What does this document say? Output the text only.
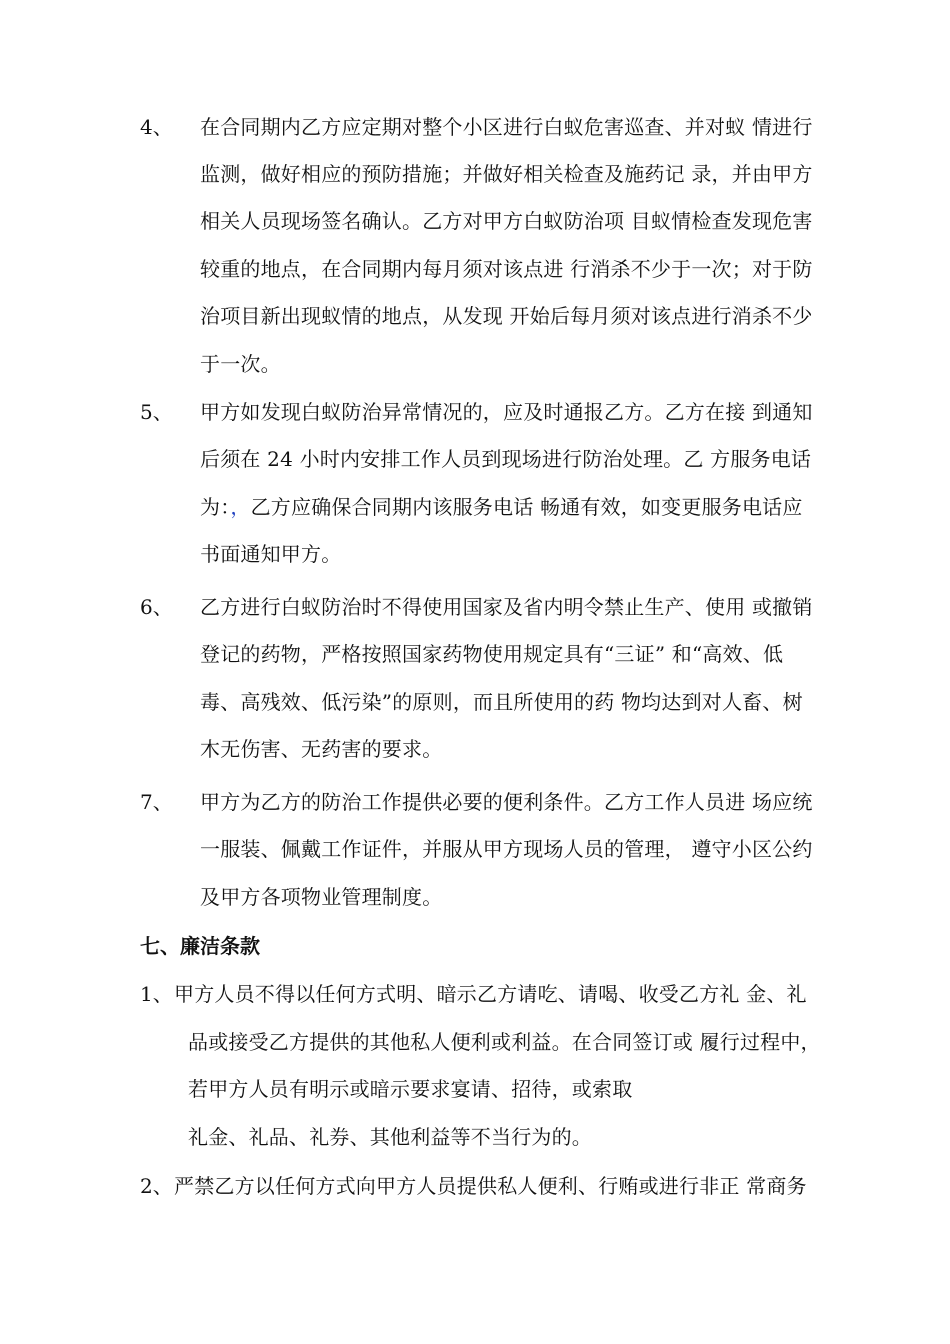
4、 在合同期内乙方应定期对整个小区进行白蚁危害巡查、并对蚁 情进行
监测，做好相应的预防措施；并做好相关检查及施药记 录，并由甲方
相关人员现场签名确认。乙方对甲方白蚁防治项 目蚁情检查发现危害
较重的地点，在合同期内每月须对该点进 行消杀不少于一次；对于防
治项目新出现蚁情的地点，从发现 开始后每月须对该点进行消杀不少
于一次。
5、 甲方如发现白蚁防治异常情况的，应及时通报乙方。乙方在接 到通知
后须在 24 小时内安排工作人员到现场进行防治处理。乙 方服务电话
为：，乙方应确保合同期内该服务电话 畅通有效，如变更服务电话应
书面通知甲方。
6、 乙方进行白蚁防治时不得使用国家及省内明令禁止生产、使用 或撤销
登记的药物，严格按照国家药物使用规定具有“三证” 和“高效、低
毒、高残效、低污染”的原则，而且所使用的药 物均达到对人畜、树
木无伤害、无药害的要求。
7、 甲方为乙方的防治工作提供必要的便利条件。乙方工作人员进 场应统
一服装、佩戴工作证件，并服从甲方现场人员的管理， 遵守小区公约
及甲方各项物业管理制度。
七、廉洁条款
1、 甲方人员不得以任何方式明、暗示乙方请吃、请喝、收受乙方礼 金、礼
品或接受乙方提供的其他私人便利或利益。在合同签订或 履行过程中，
若甲方人员有明示或暗示要求宴请、招待，或索取
礼金、礼品、礼券、其他利益等不当行为的。
2、 严禁乙方以任何方式向甲方人员提供私人便利、行贿或进行非正 常商务
